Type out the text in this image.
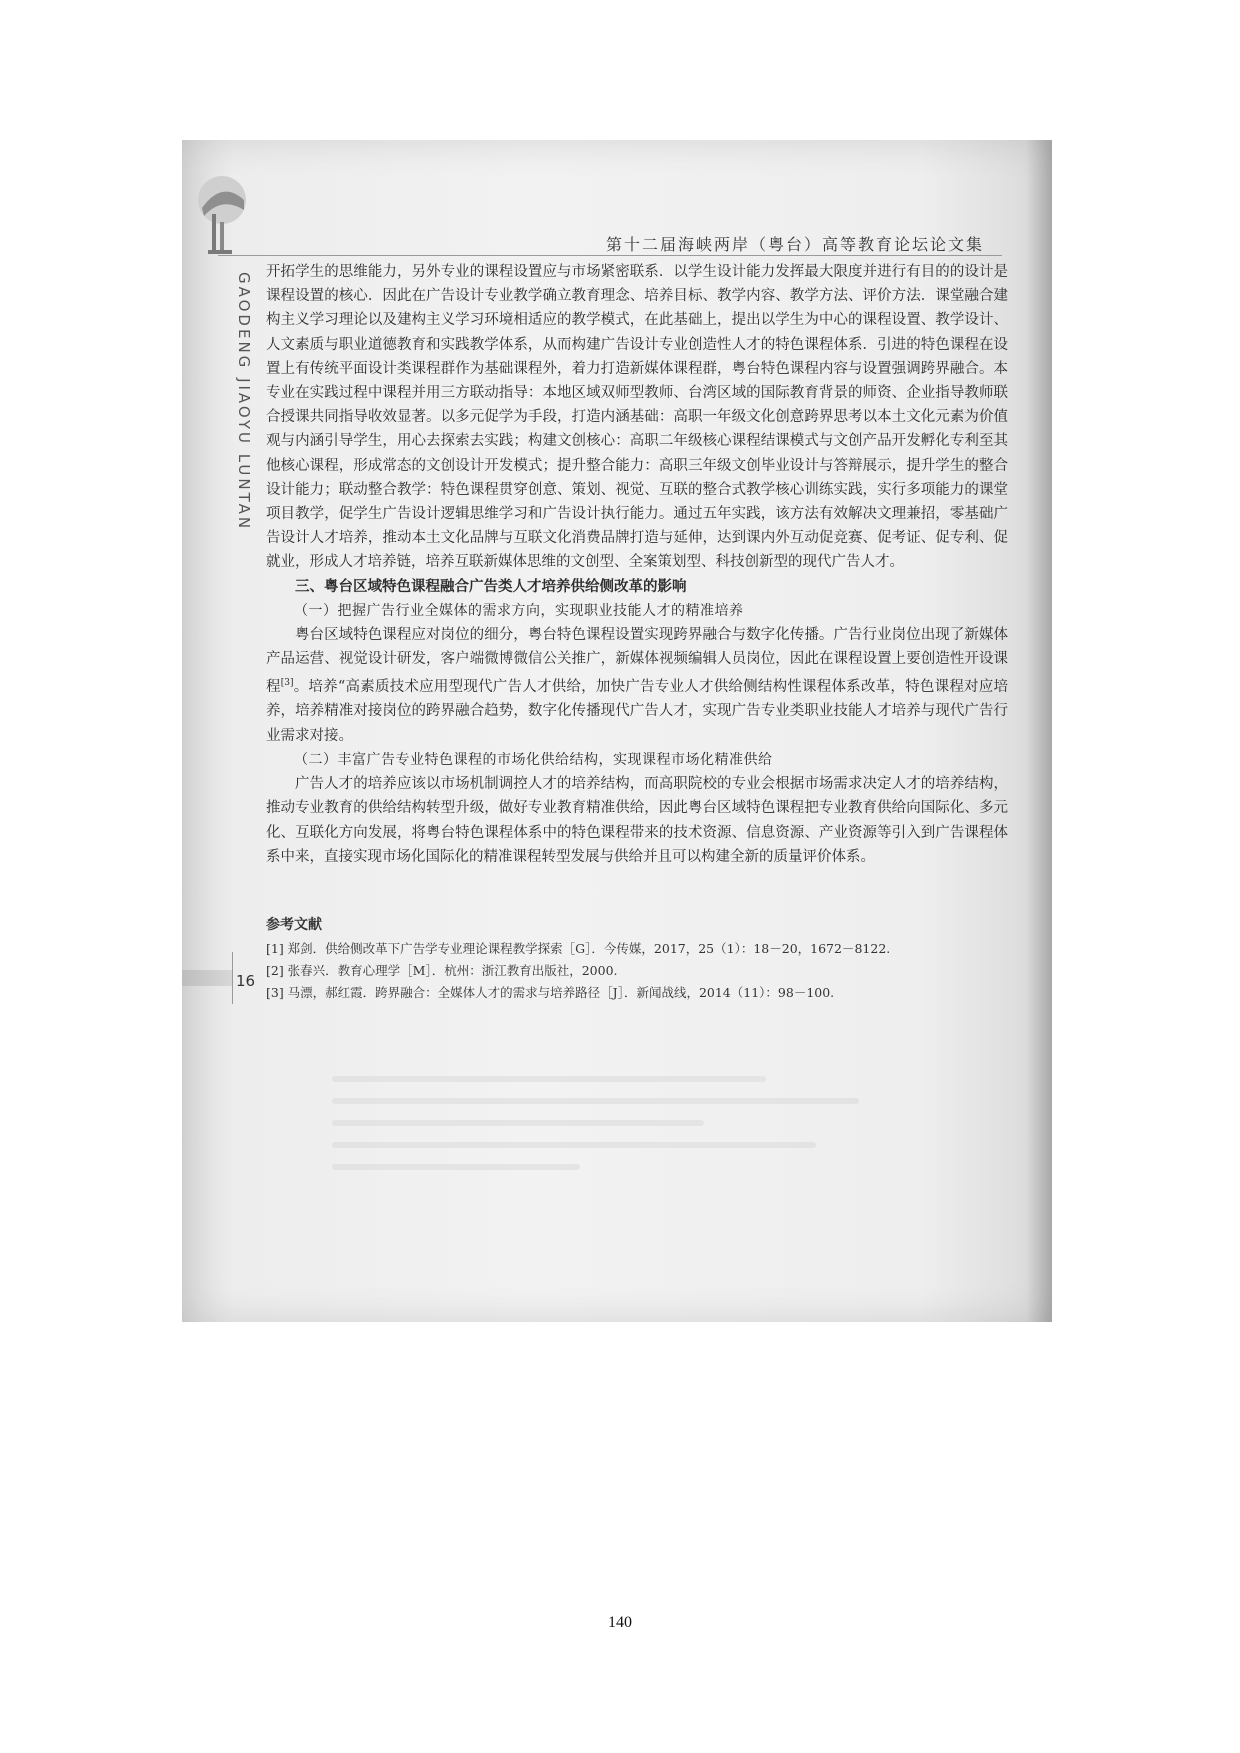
第十二届海峡两岸（粤台）高等教育论坛论文集
GAODENG JIAOYU LUNTAN
16

开拓学生的思维能力，另外专业的课程设置应与市场紧密联系．以学生设计能力发挥最大限度并进行有目的的设计是课程设置的核心．因此在广告设计专业教学确立教育理念、培养目标、教学内容、教学方法、评价方法．课堂融合建构主义学习理论以及建构主义学习环境相适应的教学模式，在此基础上，提出以学生为中心的课程设置、教学设计、人文素质与职业道德教育和实践教学体系，从而构建广告设计专业创造性人才的特色课程体系．引进的特色课程在设置上有传统平面设计类课程群作为基础课程外，着力打造新媒体课程群，粤台特色课程内容与设置强调跨界融合。本专业在实践过程中课程并用三方联动指导：本地区域双师型教师、台湾区域的国际教育背景的师资、企业指导教师联合授课共同指导收效显著。以多元促学为手段，打造内涵基础：高职一年级文化创意跨界思考以本土文化元素为价值观与内涵引导学生，用心去探索去实践；构建文创核心：高职二年级核心课程结课模式与文创产品开发孵化专利至其他核心课程，形成常态的文创设计开发模式；提升整合能力：高职三年级文创毕业设计与答辩展示，提升学生的整合设计能力；联动整合教学：特色课程贯穿创意、策划、视觉、互联的整合式教学核心训练实践，实行多项能力的课堂项目教学，促学生广告设计逻辑思维学习和广告设计执行能力。通过五年实践，该方法有效解决文理兼招，零基础广告设计人才培养，推动本土文化品牌与互联文化消费品牌打造与延伸，达到课内外互动促竞赛、促考证、促专利、促就业，形成人才培养链，培养互联新媒体思维的文创型、全案策划型、科技创新型的现代广告人才。

三、粤台区域特色课程融合广告类人才培养供给侧改革的影响

（一）把握广告行业全媒体的需求方向，实现职业技能人才的精准培养

粤台区域特色课程应对岗位的细分，粤台特色课程设置实现跨界融合与数字化传播。广告行业岗位出现了新媒体产品运营、视觉设计研发，客户端微博微信公关推广，新媒体视频编辑人员岗位，因此在课程设置上要创造性开设课程[3]。培养“高素质技术应用型现代广告人才供给，加快广告专业人才供给侧结构性课程体系改革，特色课程对应培养，培养精准对接岗位的跨界融合趋势，数字化传播现代广告人才，实现广告专业类职业技能人才培养与现代广告行业需求对接。

（二）丰富广告专业特色课程的市场化供给结构，实现课程市场化精准供给

广告人才的培养应该以市场机制调控人才的培养结构，而高职院校的专业会根据市场需求决定人才的培养结构，推动专业教育的供给结构转型升级，做好专业教育精准供给，因此粤台区域特色课程把专业教育供给向国际化、多元化、互联化方向发展，将粤台特色课程体系中的特色课程带来的技术资源、信息资源、产业资源等引入到广告课程体系中来，直接实现市场化国际化的精准课程转型发展与供给并且可以构建全新的质量评价体系。

参考文献
[1] 郑剑．供给侧改革下广告学专业理论课程教学探索［G］．今传媒，2017，25（1）：18－20，1672－8122.
[2] 张春兴．教育心理学［M］．杭州：浙江教育出版社，2000.
[3] 马漂，郝红霞．跨界融合：全媒体人才的需求与培养路径［J］．新闻战线，2014（11）：98－100.
140
